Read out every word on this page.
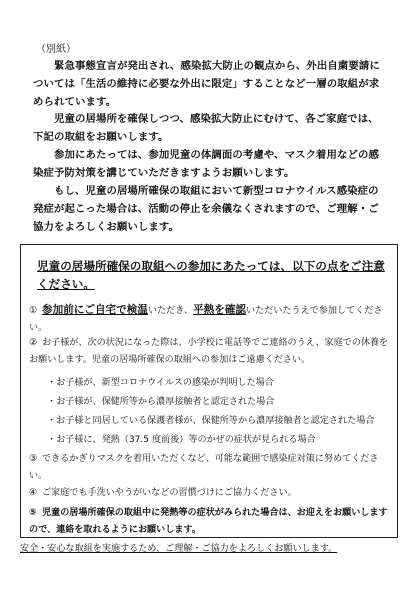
（別紙）
緊急事態宣言が発出され、感染拡大防止の観点から、外出自粛要請については「生活の維持に必要な外出に限定」することなど一層の取組が求められています。
児童の居場所を確保しつつ、感染拡大防止にむけて、各ご家庭では、下記の取組をお願いします。
参加にあたっては、参加児童の体調面の考慮や、マスク着用などの感染症予防対策を講じていただきますようお願いします。
もし、児童の居場所確保の取組において新型コロナウイルス感染症の発症が起こった場合は、活動の停止を余儀なくされますので、ご理解・ご協力をよろしくお願いします。
児童の居場所確保の取組への参加にあたっては、以下の点をご注意ください。
① 参加前にご自宅で検温いただき、平熱を確認いただいたうえで参加してください。
② お子様が、次の状況になった際は、小学校に電話等でご連絡のうえ、家庭での休養をお願いします。児童の居場所確保の取組への参加はご遠慮ください。
・お子様が、新型コロナウイルスの感染が判明した場合
・お子様が、保健所等から濃厚接触者と認定された場合
・お子様と同居している保護者様が、保健所等から濃厚接触者と認定された場合
・お子様に、発熱（37.5 度前後）等のかぜの症状が見られる場合
③ できるかぎりマスクを着用いただくなど、可能な範囲で感染症対策に努めてください。
④ ご家庭でも手洗いやうがいなどの習慣づけにご協力ください。
⑤ 児童の居場所確保の取組中に発熱等の症状がみられた場合は、お迎えをお願いしますので、連絡を取れるようにお願いします。
安全・安心な取組を実施するため、ご理解・ご協力をよろしくお願いします。
